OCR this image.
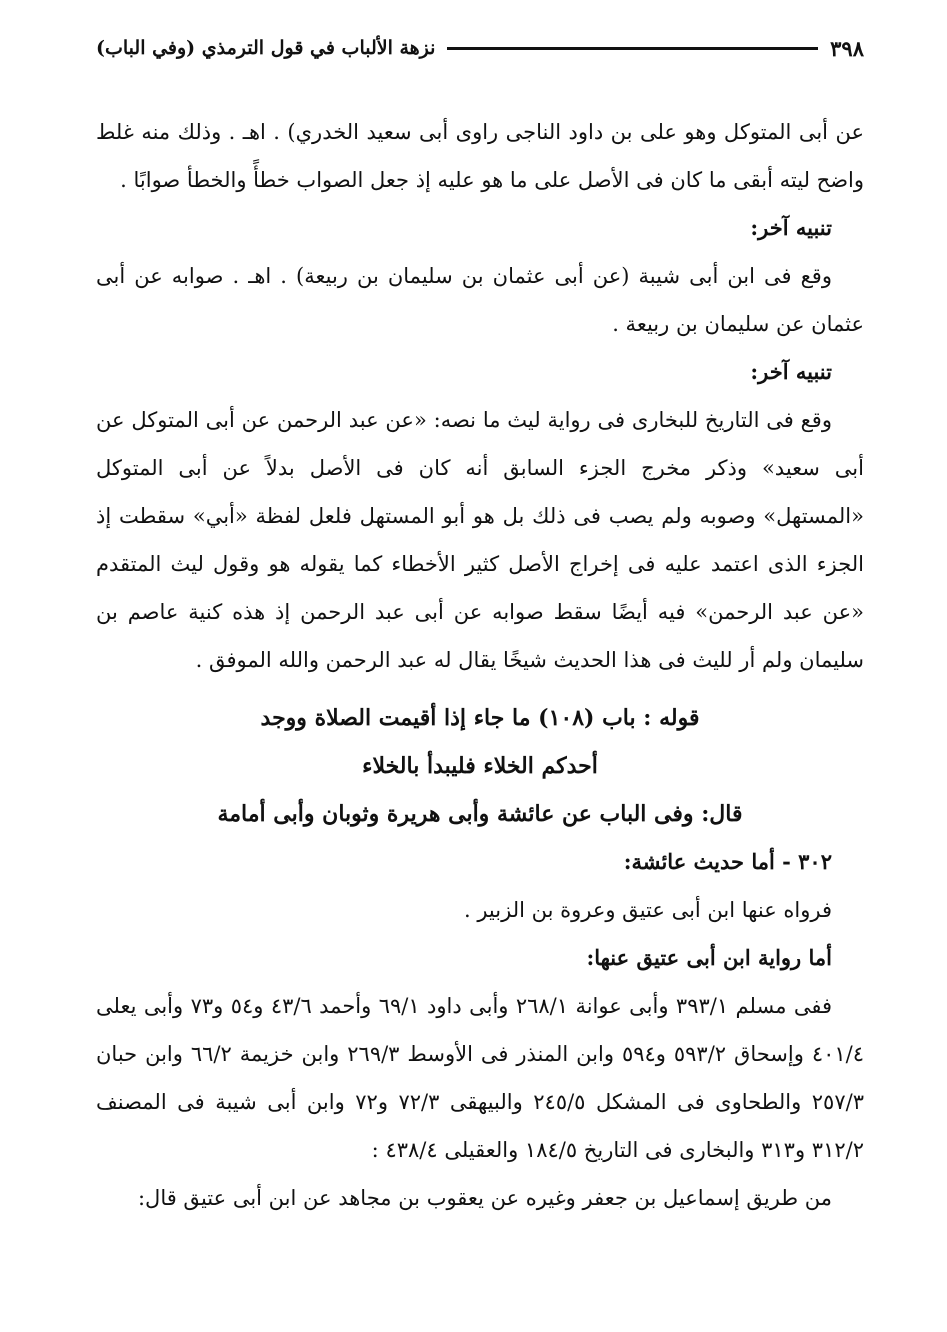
٣٩٨
نزهة الألباب في قول الترمذي (وفي الباب)

عن أبى المتوكل وهو على بن داود الناجى راوى أبى سعيد الخدري) . اهـ . وذلك منه غلط واضح ليته أبقى ما كان فى الأصل على ما هو عليه إذ جعل الصواب خطأً والخطأ صوابًا .

تنبيه آخر:

وقع فى ابن أبى شيبة (عن أبى عثمان بن سليمان بن ربيعة) . اهـ . صوابه عن أبى عثمان عن سليمان بن ربيعة .

تنبيه آخر:

وقع فى التاريخ للبخارى فى رواية ليث ما نصه: «عن عبد الرحمن عن أبى المتوكل عن أبى سعيد» وذكر مخرج الجزء السابق أنه كان فى الأصل بدلاً عن أبى المتوكل «المستهل» وصوبه ولم يصب فى ذلك بل هو أبو المستهل فلعل لفظة «أبي» سقطت إذ الجزء الذى اعتمد عليه فى إخراج الأصل كثير الأخطاء كما يقوله هو وقول ليث المتقدم «عن عبد الرحمن» فيه أيضًا سقط صوابه عن أبى عبد الرحمن إذ هذه كنية عاصم بن سليمان ولم أر لليث فى هذا الحديث شيخًا يقال له عبد الرحمن والله الموفق .

قوله : باب (١٠٨) ما جاء إذا أقيمت الصلاة ووجد
أحدكم الخلاء فليبدأ بالخلاء
قال: وفى الباب عن عائشة وأبى هريرة وثوبان وأبى أمامة
٣٠٢ - أما حديث عائشة:

فرواه عنها ابن أبى عتيق وعروة بن الزبير .

أما رواية ابن أبى عتيق عنها:

ففى مسلم ٣٩٣/١ وأبى عوانة ٢٦٨/١ وأبى داود ٦٩/١ وأحمد ٤٣/٦ و٥٤ و٧٣ وأبى يعلى ٤٠١/٤ وإسحاق ٥٩٣/٢ و٥٩٤ وابن المنذر فى الأوسط ٢٦٩/٣ وابن خزيمة ٦٦/٢ وابن حبان ٢٥٧/٣ والطحاوى فى المشكل ٢٤٥/٥ والبيهقى ٧٢/٣ و٧٢ وابن أبى شيبة فى المصنف ٣١٢/٢ و٣١٣ والبخارى فى التاريخ ١٨٤/٥ والعقيلى ٤٣٨/٤ :

من طريق إسماعيل بن جعفر وغيره عن يعقوب بن مجاهد عن ابن أبى عتيق قال:
